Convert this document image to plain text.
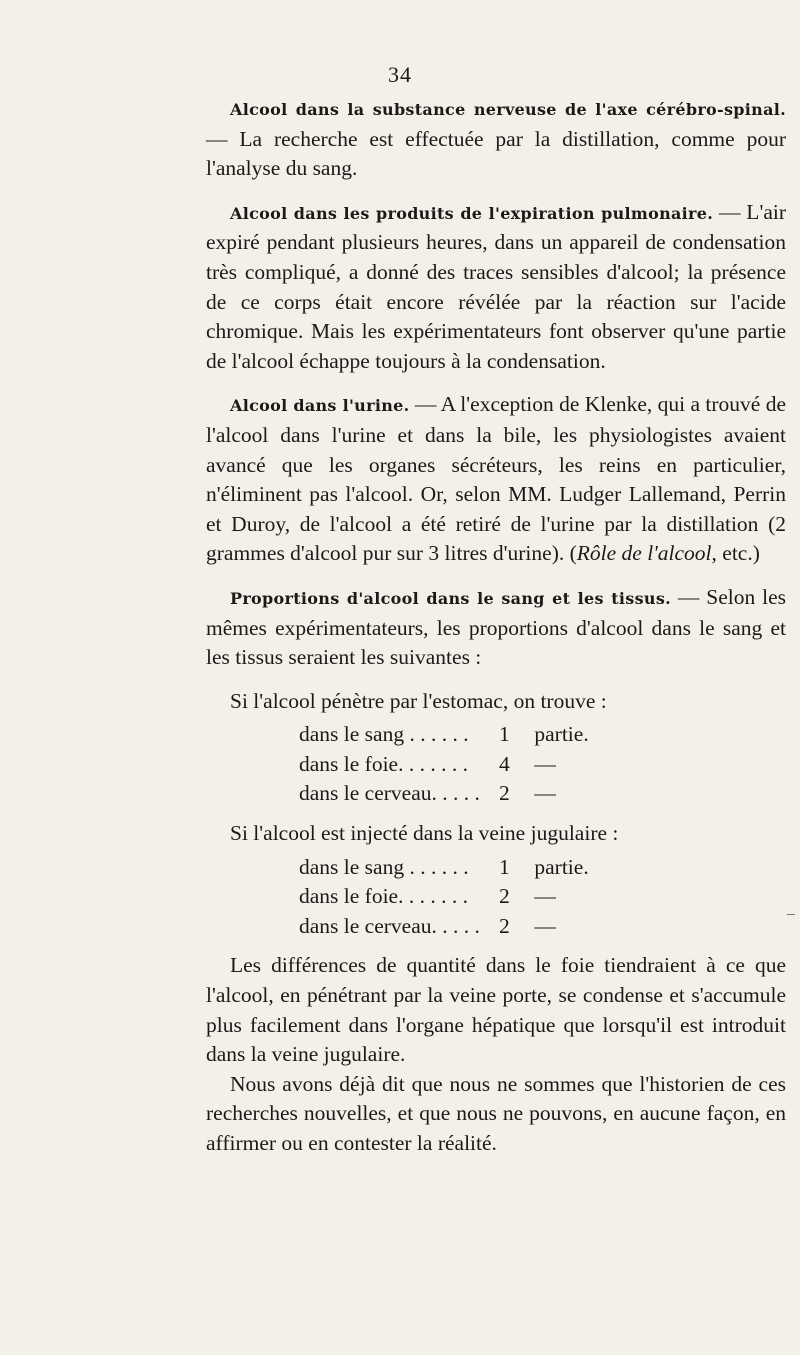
34

Alcool dans la substance nerveuse de l'axe cérébro-spinal. — La recherche est effectuée par la distillation, comme pour l'analyse du sang.

Alcool dans les produits de l'expiration pulmonaire. — L'air expiré pendant plusieurs heures, dans un appareil de condensation très compliqué, a donné des traces sensibles d'alcool; la présence de ce corps était encore révélée par la réaction sur l'acide chromique. Mais les expérimentateurs font observer qu'une partie de l'alcool échappe toujours à la condensation.

Alcool dans l'urine. — A l'exception de Klenke, qui a trouvé de l'alcool dans l'urine et dans la bile, les physiologistes avaient avancé que les organes sécréteurs, les reins en particulier, n'éliminent pas l'alcool. Or, selon MM. Ludger Lallemand, Perrin et Duroy, de l'alcool a été retiré de l'urine par la distillation (2 grammes d'alcool pur sur 3 litres d'urine). (Rôle de l'alcool, etc.)

Proportions d'alcool dans le sang et les tissus. — Selon les mêmes expérimentateurs, les proportions d'alcool dans le sang et les tissus seraient les suivantes :

Si l'alcool pénètre par l'estomac, on trouve :

dans le sang . . . . . .	1 partie.
dans le foie. . . . . . .	4 —
dans le cerveau. . . . . 2 —

Si l'alcool est injecté dans la veine jugulaire :

dans le sang . . . . . .	1 partie.
dans le foie. . . . . . .	2 —
dans le cerveau. . . . . 2 —

Les différences de quantité dans le foie tiendraient à ce que l'alcool, en pénétrant par la veine porte, se condense et s'accumule plus facilement dans l'organe hépatique que lorsqu'il est introduit dans la veine jugulaire.

Nous avons déjà dit que nous ne sommes que l'historien de ces recherches nouvelles, et que nous ne pouvons, en aucune façon, en affirmer ou en contester la réalité.
